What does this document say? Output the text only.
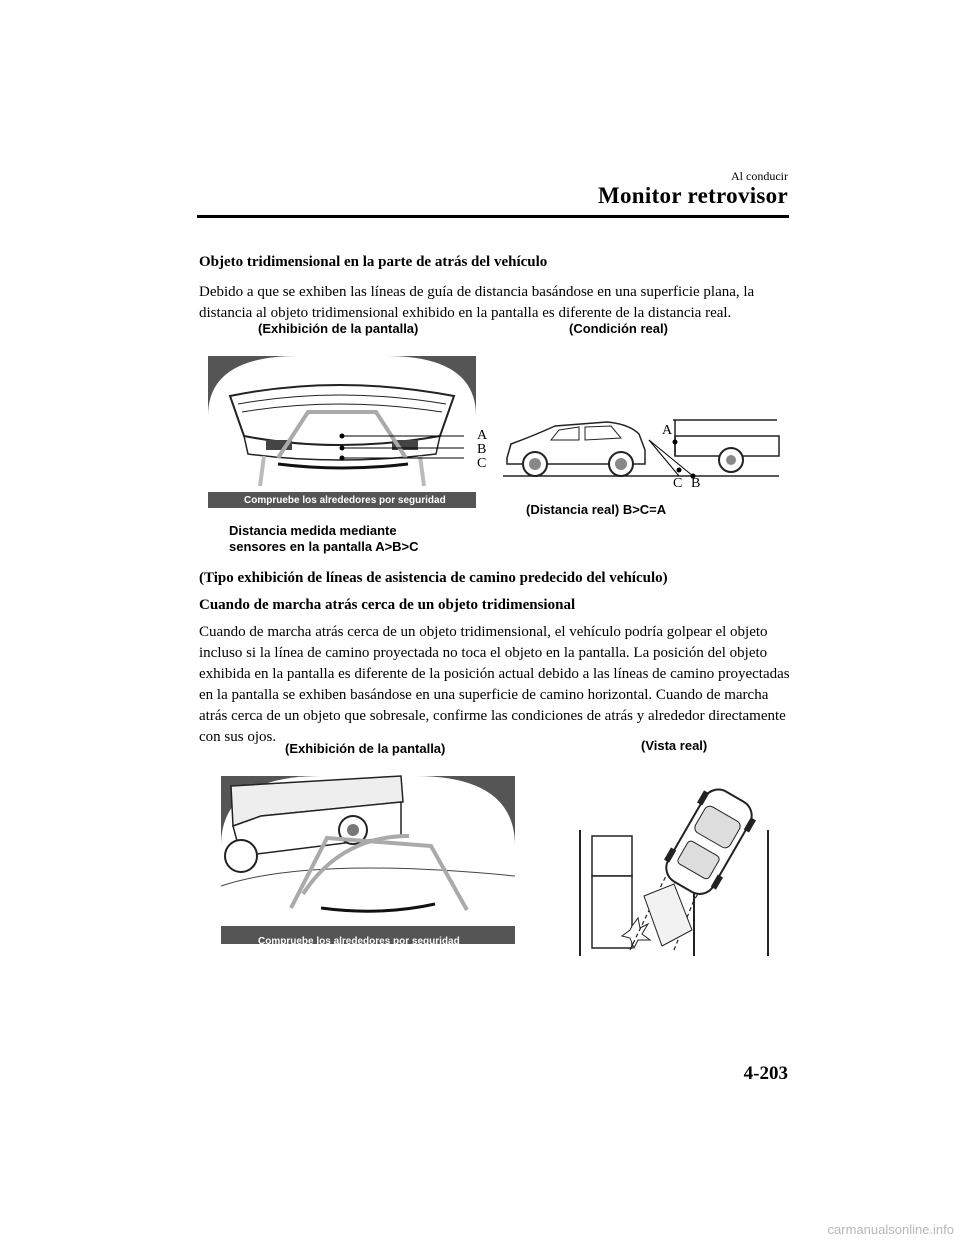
Al conducir
Monitor retrovisor
Objeto tridimensional en la parte de atrás del vehículo
Debido a que se exhiben las líneas de guía de distancia basándose en una superficie plana, la distancia al objeto tridimensional exhibido en la pantalla es diferente de la distancia real.
(Exhibición de la pantalla)	(Condición real)
Compruebe los alrededores por seguridad
A
B
C
A
C B
(Distancia real) B>C=A
Distancia medida mediante
sensores en la pantalla A>B>C
(Tipo exhibición de líneas de asistencia de camino predecido del vehículo)
Cuando de marcha atrás cerca de un objeto tridimensional
Cuando de marcha atrás cerca de un objeto tridimensional, el vehículo podría golpear el objeto incluso si la línea de camino proyectada no toca el objeto en la pantalla. La posición del objeto exhibida en la pantalla es diferente de la posición actual debido a las líneas de camino proyectadas en la pantalla se exhiben basándose en una superficie de camino horizontal. Cuando de marcha atrás cerca de un objeto que sobresale, confirme las condiciones de atrás y alrededor directamente con sus ojos.
(Exhibición de la pantalla)	(Vista real)
Compruebe los alrededores por seguridad
4-203
carmanualsonline.info
